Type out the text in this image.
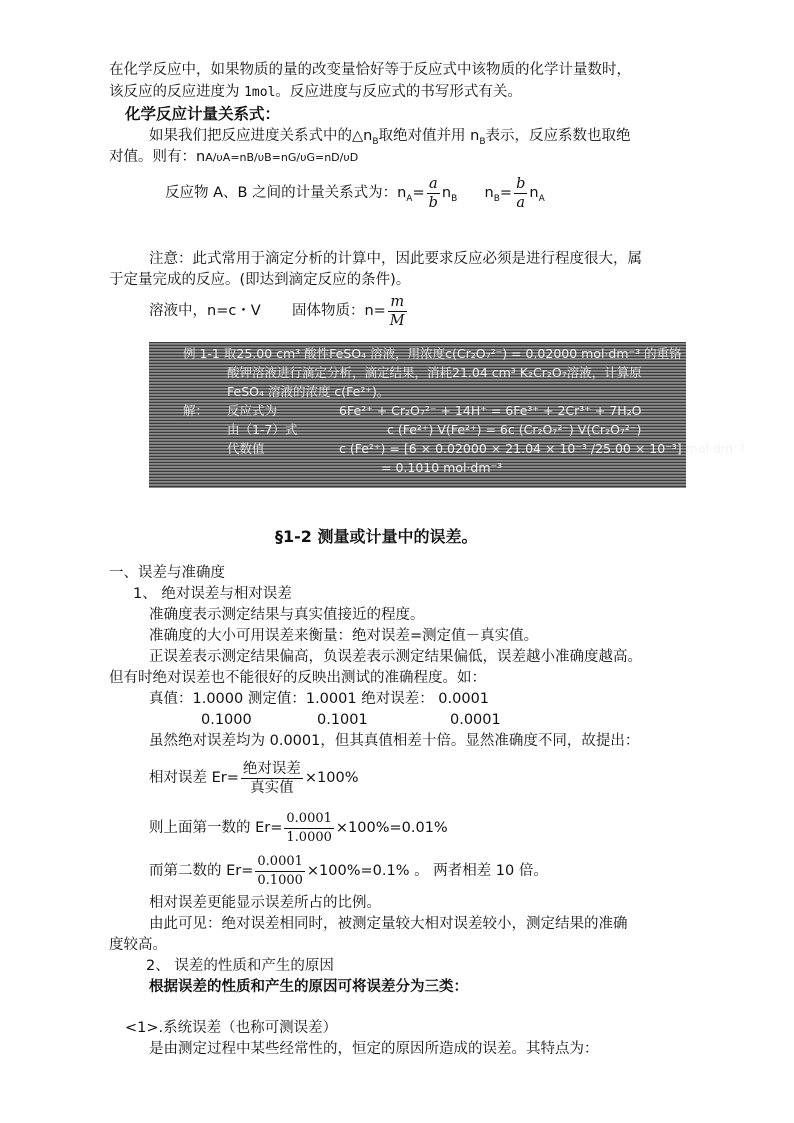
在化学反应中，如果物质的量的改变量恰好等于反应式中该物质的化学计量数时，
该反应的反应进度为 1mol。反应进度与反应式的书写形式有关。
化学反应计量关系式：
如果我们把反应进度关系式中的$\triangle n_B$取绝对值并用 $n_B$表示，反应系数也取绝
对值。则有：nA/υA=nB/υB=nG/υG=nD/υD
反应物 A、B 之间的计量关系式为：$n_A= \frac{a}{b} n_B$ $n_B= \frac{b}{a} n_A$
注意：此式常用于滴定分析的计算中，因此要求反应必须是进行程度很大，属
于定量完成的反应。(即达到滴定反应的条件)。
溶液中，n=c・V 固体物质：$n= \frac{m}{M}$
例 1-1 取25.00 cm³ 酸性FeSO₄ 溶液，用浓度c(Cr₂O₇²⁻) = 0.02000 mol·dm⁻³ 的重铬
酸钾溶液进行滴定分析，滴定结果，消耗21.04 cm³ K₂Cr₂O₇溶液，计算原
FeSO₄ 溶液的浓度 c(Fe²⁺)。
解： 反应式为	6Fe²⁺ + Cr₂O₇²⁻ + 14H⁺ = 6Fe³⁺ + 2Cr³⁺ + 7H₂O
由（1-7）式	c (Fe²⁺) V(Fe²⁺) = 6c (Cr₂O₇²⁻) V(Cr₂O₇²⁻)
代数值	c (Fe²⁺) = [6 × 0.02000 × 21.04 × 10⁻³ /25.00 × 10⁻³] mol·dm⁻³
= 0.1010 mol·dm⁻³
§1-2 测量或计量中的误差。
一、误差与准确度
1、 绝对误差与相对误差
准确度表示测定结果与真实值接近的程度。
准确度的大小可用误差来衡量：绝对误差=测定值－真实值。
正误差表示测定结果偏高，负误差表示测定结果偏低，误差越小准确度越高。
但有时绝对误差也不能很好的反映出测试的准确程度。如：
真值：1.0000 测定值：1.0001 绝对误差： 0.0001
0.1000	0.1001	0.0001
虽然绝对误差均为 0.0001，但其真值相差十倍。显然准确度不同，故提出：
相对误差 $Er= \frac{\text{绝对误差}}{\text{真实值}} \times 100\%$
则上面第一数的 $Er= \frac{0.0001}{1.0000} \times 100\%=0.01\%$
而第二数的 $Er= \frac{0.0001}{0.1000} \times 100\%=0.1\%$ 。 两者相差 10 倍。
相对误差更能显示误差所占的比例。
由此可见：绝对误差相同时，被测定量较大相对误差较小，测定结果的准确
度较高。
2、 误差的性质和产生的原因
根据误差的性质和产生的原因可将误差分为三类：
<1>.系统误差（也称可测误差）
是由测定过程中某些经常性的，恒定的原因所造成的误差。其特点为：
